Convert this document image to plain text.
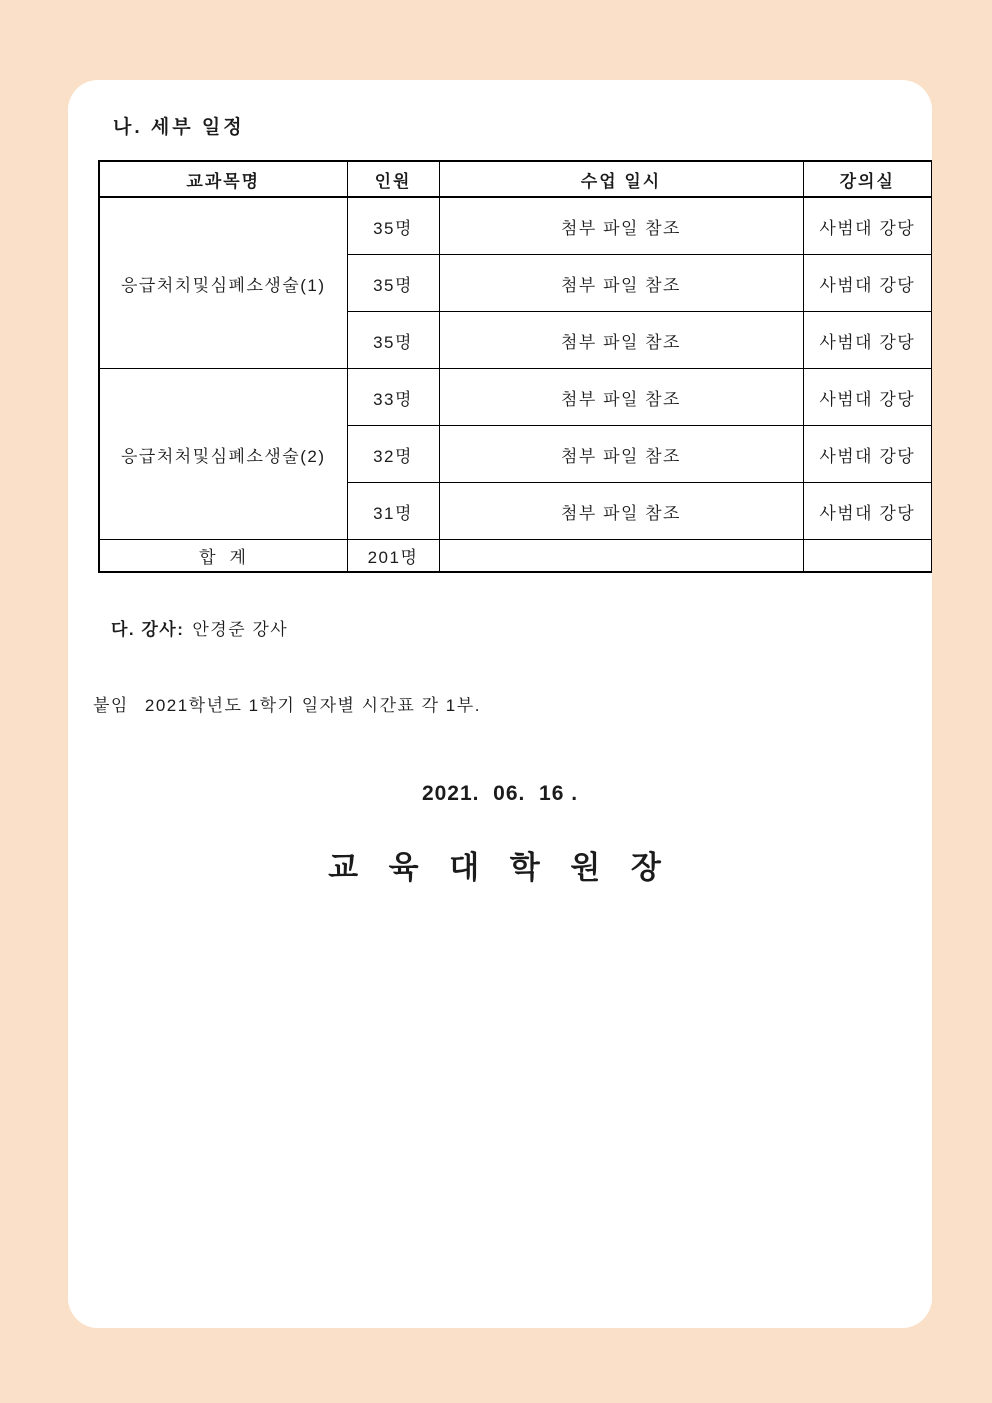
나. 세부 일정
교과목명	인원	수업 일시	강의실
응급처치및심폐소생술(1)	35명	첨부 파일 참조	사범대 강당
	35명	첨부 파일 참조	사범대 강당
	35명	첨부 파일 참조	사범대 강당
응급처처및심폐소생술(2)	33명	첨부 파일 참조	사범대 강당
	32명	첨부 파일 참조	사범대 강당
	31명	첨부 파일 참조	사범대 강당
합  계	201명		
다. 강사: 안경준 강사
붙임 2021학년도 1학기 일자별 시간표 각 1부.
2021.  06.  16 .
교 육 대 학 원 장
